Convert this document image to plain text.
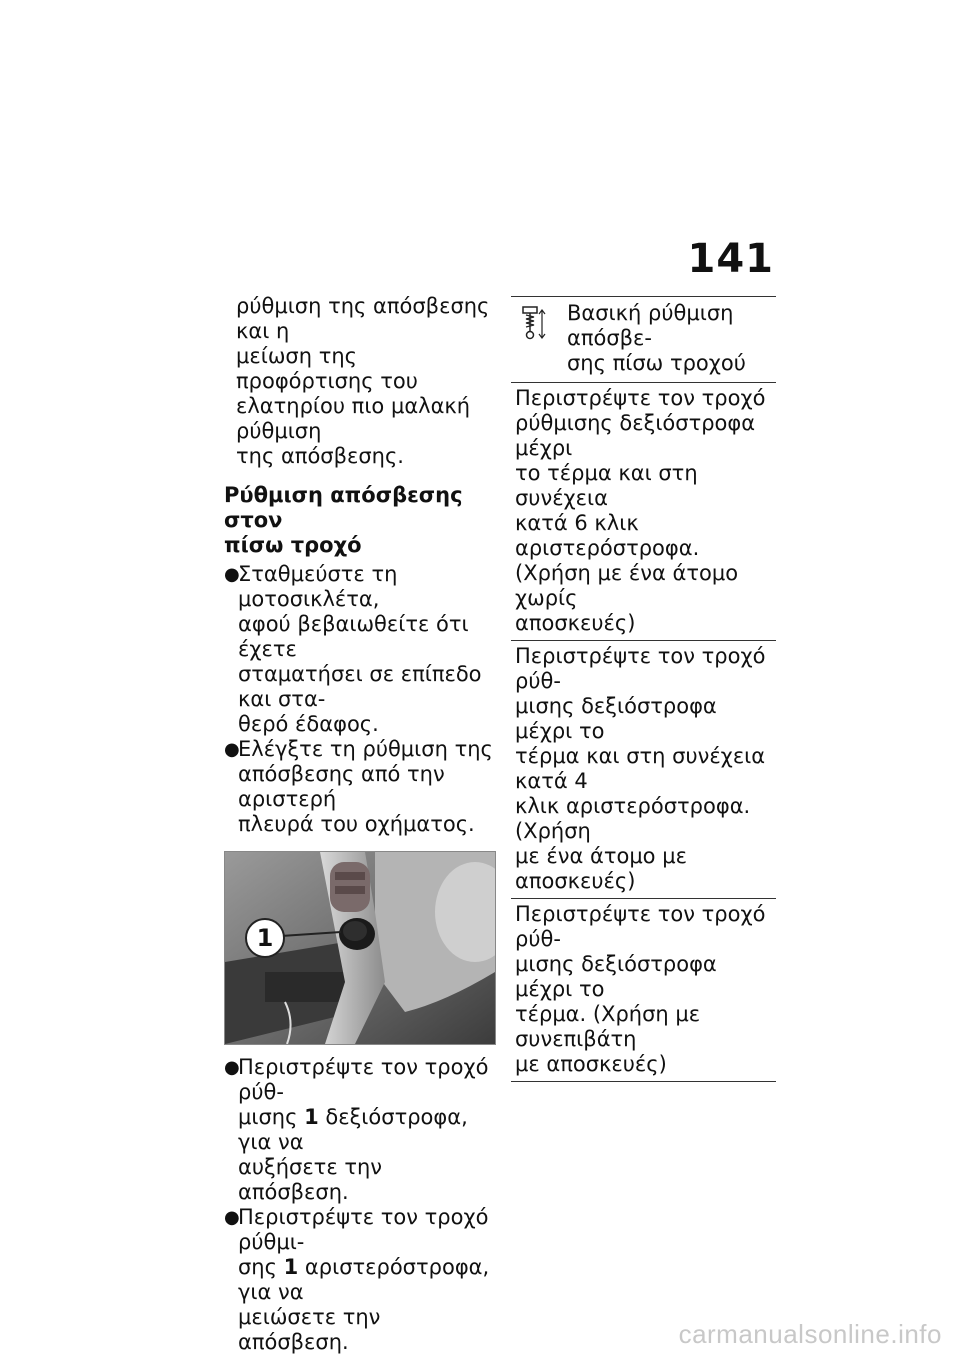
141
ρύθμιση της απόσβεσης και η
μείωση της προφόρτισης του
ελατηρίου πιο μαλακή ρύθμιση
της απόσβεσης.
Ρύθμιση απόσβεσης στον
πίσω τροχό
●
Σταθμεύστε τη μοτοσικλέτα,
αφού βεβαιωθείτε ότι έχετε
σταματήσει σε επίπεδο και στα-
θερό έδαφος.
●
Ελέγξτε τη ρύθμιση της
απόσβεσης από την αριστερή
πλευρά του οχήματος.
1
●
Περιστρέψτε τον τροχό ρύθ-
μισης 1 δεξιόστροφα, για να
αυξήσετε την απόσβεση.
●
Περιστρέψτε τον τροχό ρύθμι-
σης 1 αριστερόστροφα, για να
μειώσετε την απόσβεση.
Βασική ρύθμιση απόσβε-
σης πίσω τροχού
Περιστρέψτε τον τροχό
ρύθμισης δεξιόστροφα μέχρι
το τέρμα και στη συνέχεια
κατά 6 κλικ αριστερόστροφα.
(Χρήση με ένα άτομο χωρίς
αποσκευές)
Περιστρέψτε τον τροχό ρύθ-
μισης δεξιόστροφα μέχρι το
τέρμα και στη συνέχεια κατά 4
κλικ αριστερόστροφα. (Χρήση
με ένα άτομο με αποσκευές)
Περιστρέψτε τον τροχό ρύθ-
μισης δεξιόστροφα μέχρι το
τέρμα. (Χρήση με συνεπιβάτη
με αποσκευές)
carmanualsonline.info
